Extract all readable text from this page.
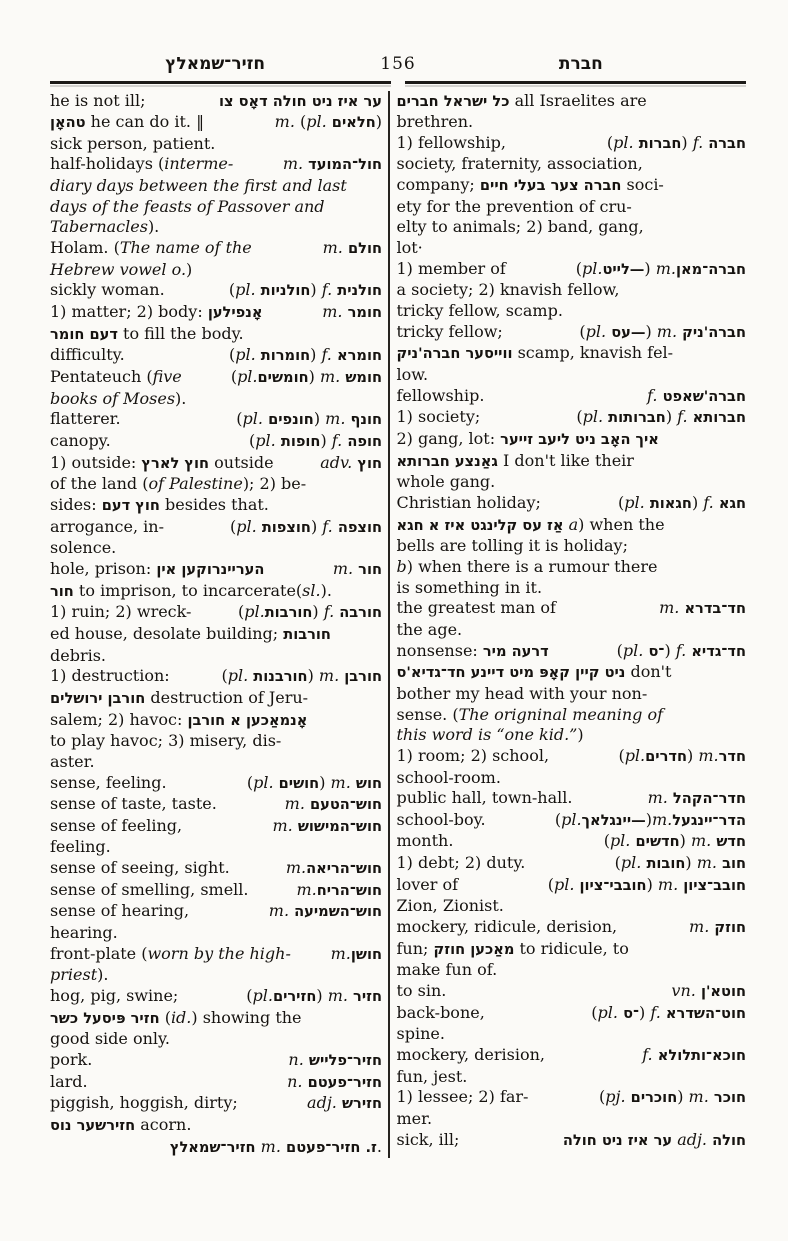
חזיר־שמאלץ	156	חברת
he is not ill;	ער איז ניט חולה דאָס צו
טהאָן he can do it. ‖	m. (pl. חלאים)
sick person, patient.
half-holidays (interme-	m. חול־המועד
diary days between the first and last
days of the feasts of Passover and
Tabernacles).
Holam. (The name of the	m. חולם
Hebrew vowel o.)
sickly woman.	(pl. חולניות) f. חולנית
1) matter; 2) body: אָנפילען	m. חומר
דעם חומר to fill the body.
difficulty.	(pl. חומרות) f. חומרא
Pentateuch (five	(pl.חומשים) m. חומש
books of Moses).
flatterer.	(pl. חונפים) m. חונף
canopy.	(pl. חופות) f. חופה
1) outside: חוץ לארץ outside	adv. חוץ
of the land (of Palestine); 2) be-
sides: חוץ דעם besides that.
arrogance, in-	(pl. חוצפות) f. חוצפה
solence.
hole, prison: העריינרוקען אין	m. חור
חור to imprison, to incarcerate(sl.).
1) ruin; 2) wreck-	(pl.חורבות) f. חורבה
ed house, desolate building; חורבות
debris.
1) destruction:	(pl. חורבנות) m. חורבן
חורבן ירושלים destruction of Jeru-
salem; 2) havoc: אָנמאַכען א חורבן
to play havoc; 3) misery, dis-
aster.
sense, feeling.	(pl. חושים) m. חוש
sense of taste, taste.	m. חוש־הטעם
sense of feeling,	m. חוש־המישוש
feeling.
sense of seeing, sight.	m.חוש־הריאה
sense of smelling, smell.	m.חוש־הריח
sense of hearing,	m. חוש־השמיעה
hearing.
front-plate (worn by the high- m.חושן
priest).
hog, pig, swine;	(pl.חזירים) m. חזיר
חזיר פּיסעל כשר (id.) showing the
good side only.
pork.	n. חזיר־פלייש
lard.	n. חזיר־פעטם
piggish, hoggish, dirty;	adj. חזירש
חזירשער נוס acorn.
חזיר־שמאלץ m. ז. חזיר־פעטם.
כל ישראל חברים all Israelites are
brethren.
1) fellowship,	(pl. חברות) f. חברה
society, fraternity, association,
company; חברה צער בעלי חיים soci-
ety for the prevention of cru-
elty to animals; 2) band, gang,
lot·
1) member of	(pl.—לייט) m.חברה־מאן
a society; 2) knavish fellow,
tricky fellow, scamp.
tricky fellow;	(pl. —עס) m. חברה'ניק
ווייסער חברה'ניק scamp, knavish fel-
low.
fellowship.	f. חברה'שאפט
1) society;	(pl. חברותות) f. חברותא
2) gang, lot: איך האָב ניט ליעב זייער
גאַנצע חברותא I don't like their
whole gang.
Christian holiday;	(pl. חגאות) f. חגא
אַז עס קלינגט איז א חגא a) when the
bells are tolling it is holiday;
b) when there is a rumour there
is something in it.
the greatest man of	m. חד־בדרא
the age.
nonsense: דרעה מיר	(pl. ־ס) f. חד־גדיא
ניט קיין קאָפּ מיט דיינע חד־גדיא'ס don't
bother my head with your non-
sense. (The origninal meaning of
this word is “one kid.”)
1) room; 2) school,	(pl.חדרים) m.חדר
school-room.
public hall, town-hall.	m. חדר־הקהל
school-boy.	(pl.—יינגלאך)m.הדר־יינגעל
month.	(pl. חדשים) m. חדש
1) debt; 2) duty.	(pl. חובות) m. חוב
lover of	(pl. חובבי־ציון) m. חובב־ציון
Zion, Zionist.
mockery, ridicule, derision,	m. חוזק
fun; מאַכען חוזק to ridicule, to
make fun of.
to sin.	vn. חוטא'ן
back-bone,	(pl. ־ס) f. חוט־השדרא
spine.
mockery, derision,	f. חוכא־ותלולא
fun, jest.
1) lessee; 2) far-	(pj. חוכרים) m. חוכר
mer.
sick, ill;	ער איז ניט חולה adj. חולה
